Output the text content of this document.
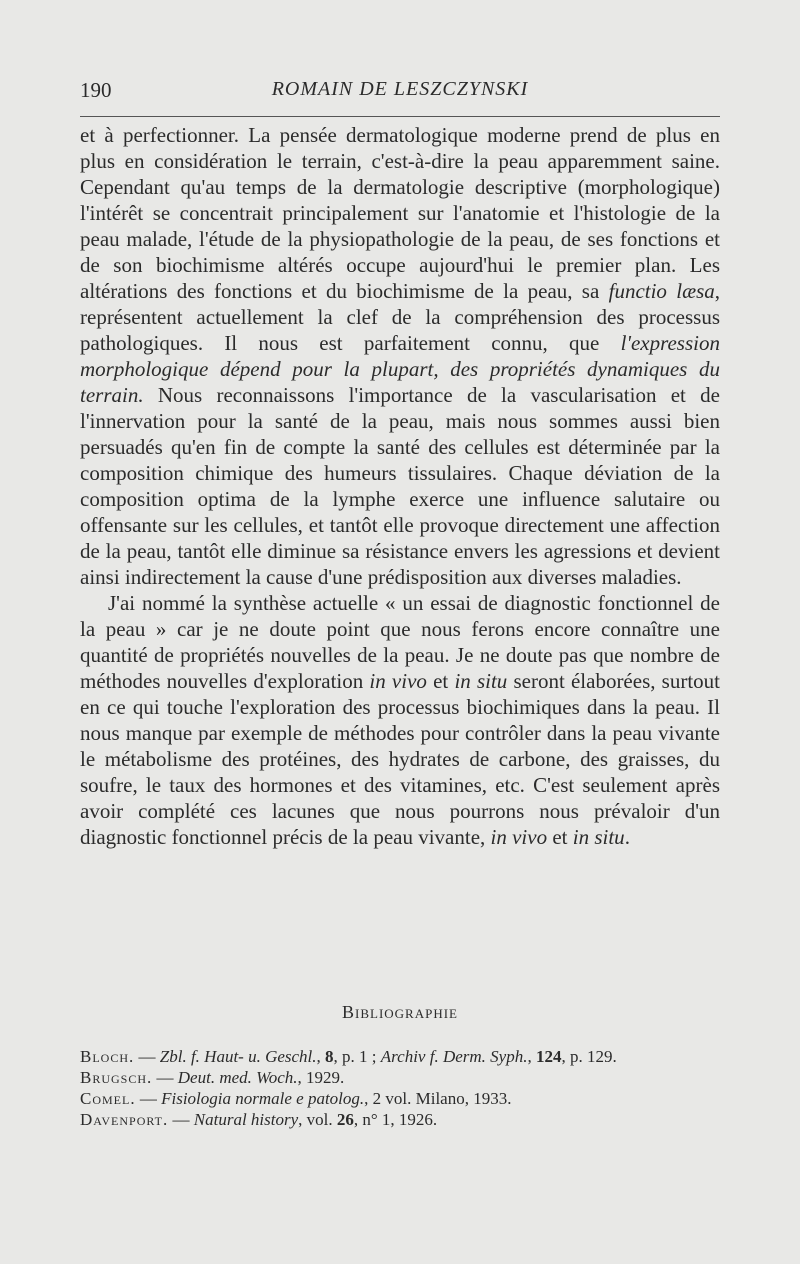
190	ROMAIN DE LESZCZYNSKI

et à perfectionner. La pensée dermatologique moderne prend de plus en plus en considération le terrain, c'est-à-dire la peau apparemment saine. Cependant qu'au temps de la dermatologie descriptive (morphologique) l'intérêt se concentrait principalement sur l'anatomie et l'histologie de la peau malade, l'étude de la physiopathologie de la peau, de ses fonctions et de son biochimisme altérés occupe aujourd'hui le premier plan. Les altérations des fonctions et du biochimisme de la peau, sa functio læsa, représentent actuellement la clef de la compréhension des processus pathologiques. Il nous est parfaitement connu, que l'expression morphologique dépend pour la plupart, des propriétés dynamiques du terrain. Nous reconnaissons l'importance de la vascularisation et de l'innervation pour la santé de la peau, mais nous sommes aussi bien persuadés qu'en fin de compte la santé des cellules est déterminée par la composition chimique des humeurs tissulaires. Chaque déviation de la composition optima de la lymphe exerce une influence salutaire ou offensante sur les cellules, et tantôt elle provoque directement une affection de la peau, tantôt elle diminue sa résistance envers les agressions et devient ainsi indirectement la cause d'une prédisposition aux diverses maladies.

J'ai nommé la synthèse actuelle « un essai de diagnostic fonctionnel de la peau » car je ne doute point que nous ferons encore connaître une quantité de propriétés nouvelles de la peau. Je ne doute pas que nombre de méthodes nouvelles d'exploration in vivo et in situ seront élaborées, surtout en ce qui touche l'exploration des processus biochimiques dans la peau. Il nous manque par exemple de méthodes pour contrôler dans la peau vivante le métabolisme des protéines, des hydrates de carbone, des graisses, du soufre, le taux des hormones et des vitamines, etc. C'est seulement après avoir complété ces lacunes que nous pourrons nous prévaloir d'un diagnostic fonctionnel précis de la peau vivante, in vivo et in situ.

Bibliographie
Bloch. — Zbl. f. Haut- u. Geschl., 8, p. 1 ; Archiv f. Derm. Syph., 124, p. 129.
Brugsch. — Deut. med. Woch., 1929.
Comel. — Fisiologia normale e patolog., 2 vol. Milano, 1933.
Davenport. — Natural history, vol. 26, n° 1, 1926.
